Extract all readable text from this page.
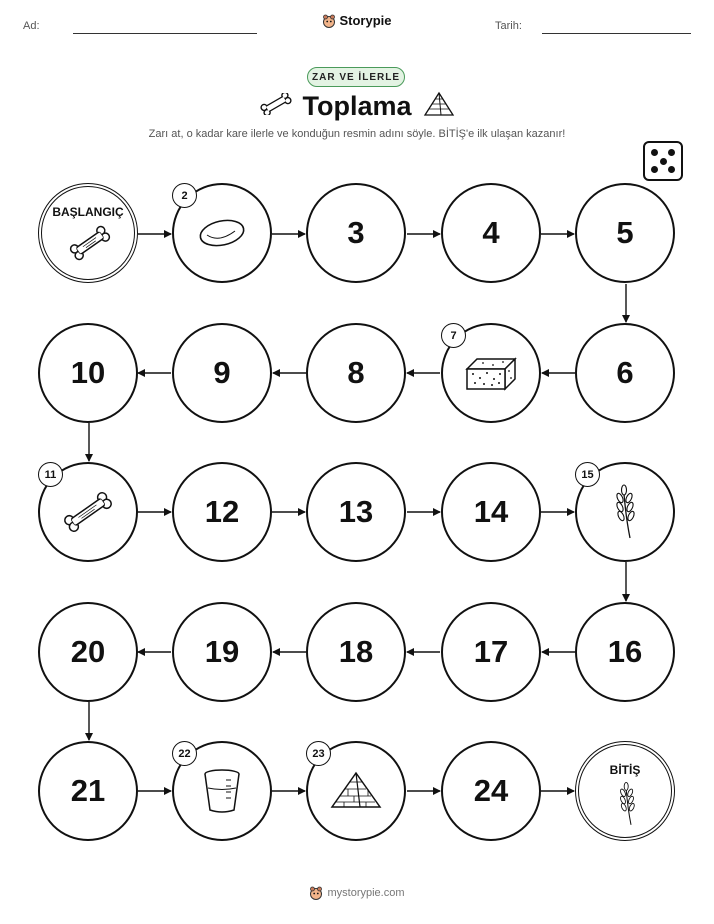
Ad:	Storypie	Tarih:
ZAR VE İLERLE
Toplama
Zarı at, o kadar kare ilerle ve konduğun resmin adını söyle. BİTİŞ'e ilk ulaşan kazanır!
BAŞLANGIÇ
2
3	4	5
10	9	8
7
6
11
12	13	14
15
20	19	18	17	16
21
22	23
24
BİTİŞ
mystorypie.com
